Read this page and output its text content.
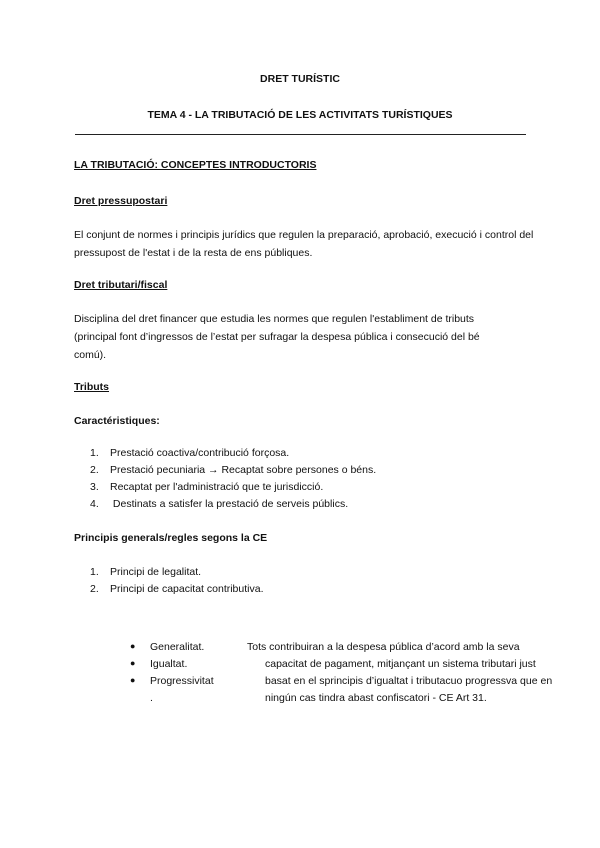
DRET TURÍSTIC
TEMA 4 - LA TRIBUTACIÓ DE LES ACTIVITATS TURÍSTIQUES
LA TRIBUTACIÓ: CONCEPTES INTRODUCTORIS
Dret pressupostari
El conjunt de normes i principis jurídics que regulen la preparació, aprobació, execució i control del pressupost de l'estat i de la resta de ens públiques.
Dret tributari/fiscal
Disciplina del dret financer que estudia les normes que regulen l'establiment de tributs (principal font d’ingressos de l’estat per sufragar la despesa pública i consecució del bé comú).
Tributs
Caractéristiques:
1. Prestació coactiva/contribució forçosa.
2. Prestació pecuniaria → Recaptat sobre persones o béns.
3. Recaptat per l'administració que te jurisdicció.
4. Destinats a satisfer la prestació de serveis públics.
Principis generals/regles segons la CE
1. Principi de legalitat.
2. Principi de capacitat contributiva.
●
●
●
Generalitat.
Igualtat.
Progressivitat
.
Tots contribuiran a la despesa pública d’acord amb la seva
capacitat de pagament, mitjançant un sistema tributari just
basat en el sprincipis d’igualtat i tributacuo progressva que en
ningún cas tindra abast confiscatori - CE Art 31.
